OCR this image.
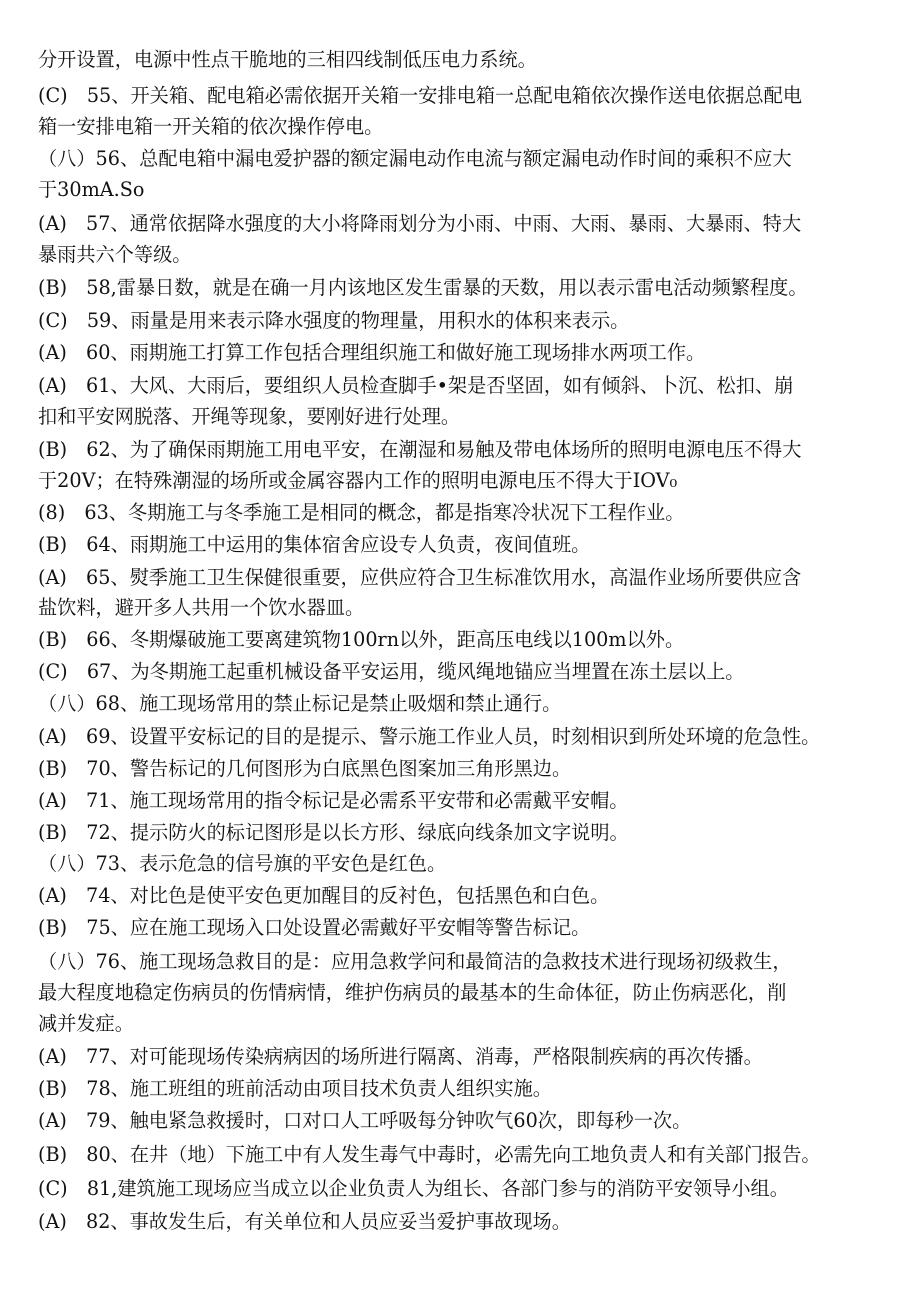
分开设置，电源中性点干脆地的三相四线制低压电力系统。
(C)　55、开关箱、配电箱必需依据开关箱一安排电箱一总配电箱依次操作送电依据总配电
箱一安排电箱一开关箱的依次操作停电。
（八）56、总配电箱中漏电爱护器的额定漏电动作电流与额定漏电动作时间的乘积不应大
于30mA.So
(A)　57、通常依据降水强度的大小将降雨划分为小雨、中雨、大雨、暴雨、大暴雨、特大
暴雨共六个等级。
(B)　58,雷暴日数，就是在确一月内该地区发生雷暴的天数，用以表示雷电活动频繁程度。
(C)　59、雨量是用来表示降水强度的物理量，用积水的体积来表示。
(A)　60、雨期施工打算工作包括合理组织施工和做好施工现场排水两项工作。
(A)　61、大风、大雨后，要组织人员检查脚手•架是否坚固，如有倾斜、卜沉、松扣、崩
扣和平安网脱落、开绳等现象，要刚好进行处理。
(B)　62、为了确保雨期施工用电平安，在潮湿和易触及带电体场所的照明电源电压不得大
于20V；在特殊潮湿的场所或金属容器内工作的照明电源电压不得大于IOV₀
(8)　63、冬期施工与冬季施工是相同的概念，都是指寒冷状况下工程作业。
(B)　64、雨期施工中运用的集体宿舍应设专人负责，夜间值班。
(A)　65、熨季施工卫生保健很重要，应供应符合卫生标准饮用水，高温作业场所要供应含
盐饮料，避开多人共用一个饮水器皿。
(B)　66、冬期爆破施工要离建筑物100rn以外，距高压电线以100m以外。
(C)　67、为冬期施工起重机械设备平安运用，缆风绳地锚应当埋置在冻土层以上。
（八）68、施工现场常用的禁止标记是禁止吸烟和禁止通行。
(A)　69、设置平安标记的目的是提示、警示施工作业人员，时刻相识到所处环境的危急性。
(B)　70、警告标记的几何图形为白底黑色图案加三角形黑边。
(A)　71、施工现场常用的指令标记是必需系平安带和必需戴平安帽。
(B)　72、提示防火的标记图形是以长方形、绿底向线条加文字说明。
（八）73、表示危急的信号旗的平安色是红色。
(A)　74、对比色是使平安色更加醒目的反衬色，包括黑色和白色。
(B)　75、应在施工现场入口处设置必需戴好平安帽等警告标记。
（八）76、施工现场急救目的是：应用急救学问和最简洁的急救技术进行现场初级救生，
最大程度地稳定伤病员的伤情病情，维护伤病员的最基本的生命体征，防止伤病恶化，削
减并发症。
(A)　77、对可能现场传染病病因的场所进行隔离、消毒，严格限制疾病的再次传播。
(B)　78、施工班组的班前活动由项目技术负责人组织实施。
(A)　79、触电紧急救援时，口对口人工呼吸每分钟吹气60次，即每秒一次。
(B)　80、在井（地）下施工中有人发生毒气中毒时，必需先向工地负责人和有关部门报告。
(C)　81,建筑施工现场应当成立以企业负责人为组长、各部门参与的消防平安领导小组。
(A)　82、事故发生后，有关单位和人员应妥当爱护事故现场。
